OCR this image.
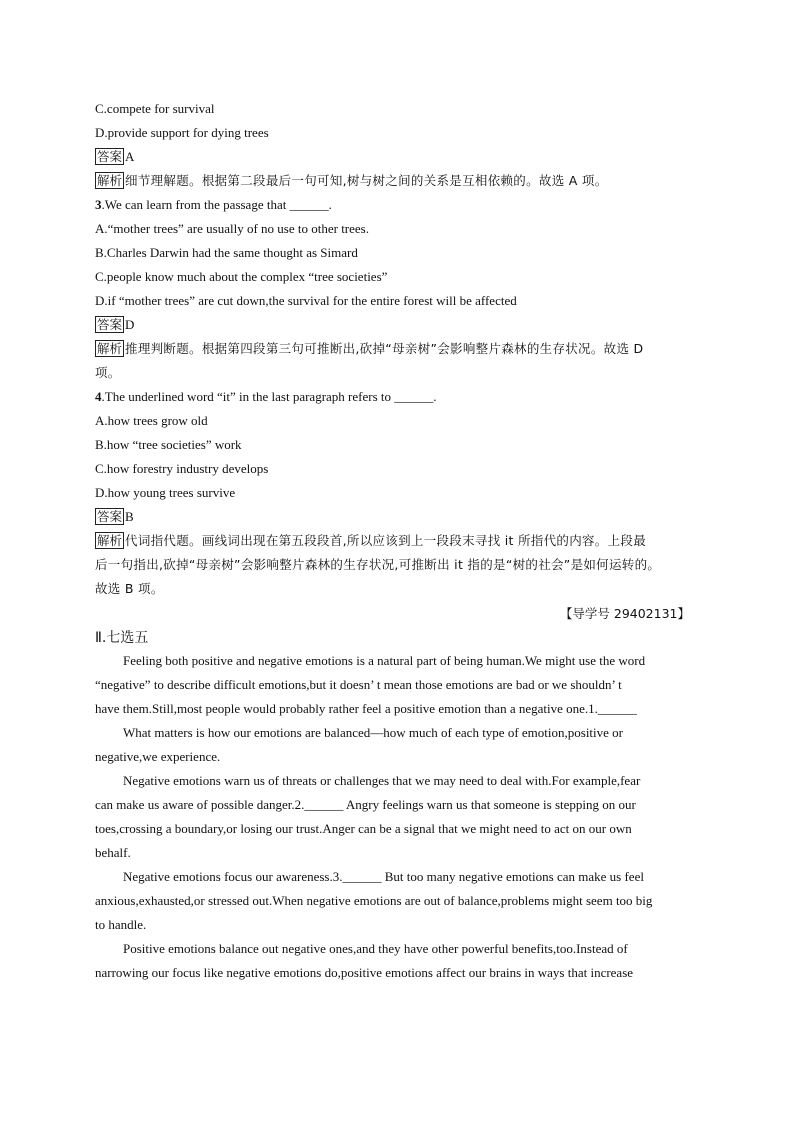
C.compete for survival
D.provide support for dying trees
答案 A
解析 细节理解题。根据第二段最后一句可知,树与树之间的关系是互相依赖的。故选 A 项。
3.We can learn from the passage that ______.
A.“mother trees” are usually of no use to other trees.
B.Charles Darwin had the same thought as Simard
C.people know much about the complex “tree societies”
D.if “mother trees” are cut down,the survival for the entire forest will be affected
答案 D
解析 推理判断题。根据第四段第三句可推断出,砍掉“母亲树”会影响整片森林的生存状况。故选 D
项。
4.The underlined word “it” in the last paragraph refers to ______.
A.how trees grow old
B.how “tree societies” work
C.how forestry industry develops
D.how young trees survive
答案 B
解析 代词指代题。画线词出现在第五段段首,所以应该到上一段段末寻找 it 所指代的内容。上段最
后一句指出,砍掉“母亲树”会影响整片森林的生存状况,可推断出 it 指的是“树的社会”是如何运转的。
故选 B 项。
【导学号 29402131】
Ⅱ.七选五
Feeling both positive and negative emotions is a natural part of being human.We might use the word
“negative” to describe difficult emotions,but it doesn’ t mean those emotions are bad or we shouldn’ t
have them.Still,most people would probably rather feel a positive emotion than a negative one.1.______
What matters is how our emotions are balanced—how much of each type of emotion,positive or
negative,we experience.
Negative emotions warn us of threats or challenges that we may need to deal with.For example,fear
can make us aware of possible danger.2.______ Angry feelings warn us that someone is stepping on our
toes,crossing a boundary,or losing our trust.Anger can be a signal that we might need to act on our own
behalf.
Negative emotions focus our awareness.3.______ But too many negative emotions can make us feel
anxious,exhausted,or stressed out.When negative emotions are out of balance,problems might seem too big
to handle.
Positive emotions balance out negative ones,and they have other powerful benefits,too.Instead of
narrowing our focus like negative emotions do,positive emotions affect our brains in ways that increase
